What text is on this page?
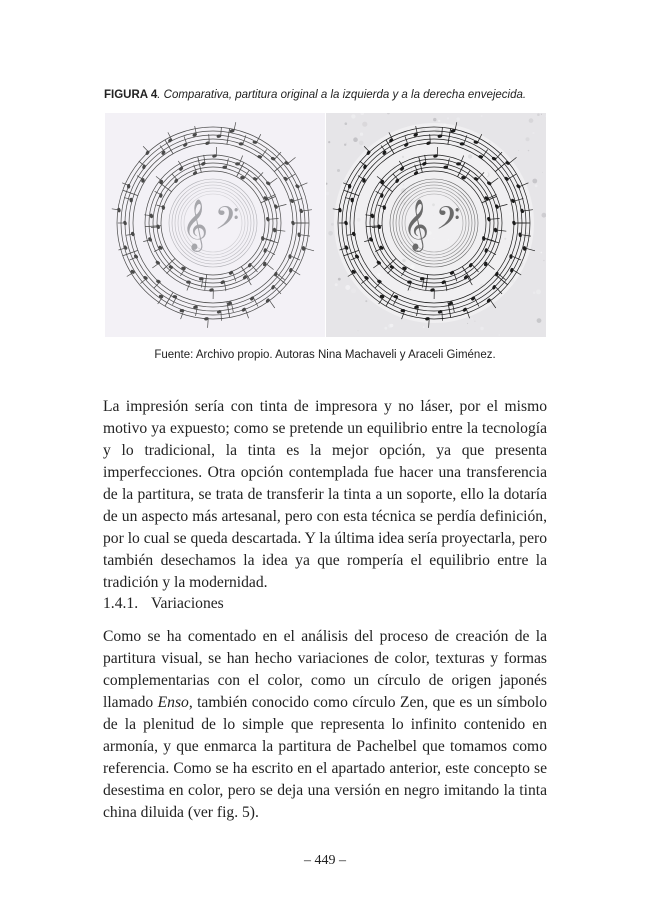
FIGURA 4. Comparativa, partitura original a la izquierda y a la derecha envejecida.
𝄞 𝄢	𝄞 𝄢
Fuente: Archivo propio. Autoras Nina Machaveli y Araceli Giménez.

La impresión sería con tinta de impresora y no láser, por el mismo motivo ya expuesto; como se pretende un equilibrio entre la tecnología y lo tradicional, la tinta es la mejor opción, ya que presenta imperfecciones. Otra opción contemplada fue hacer una transferencia de la partitura, se trata de transferir la tinta a un soporte, ello la dotaría de un aspecto más artesanal, pero con esta técnica se perdía definición, por lo cual se queda descartada. Y la última idea sería proyectarla, pero también desechamos la idea ya que rompería el equilibrio entre la tradición y la modernidad.

1.4.1. Variaciones

Como se ha comentado en el análisis del proceso de creación de la partitura visual, se han hecho variaciones de color, texturas y formas complementarias con el color, como un círculo de origen japonés llamado Enso, también conocido como círculo Zen, que es un símbolo de la plenitud de lo simple que representa lo infinito contenido en armonía, y que enmarca la partitura de Pachelbel que tomamos como referencia. Como se ha escrito en el apartado anterior, este concepto se desestima en color, pero se deja una versión en negro imitando la tinta china diluida (ver fig. 5).

– 449 –
